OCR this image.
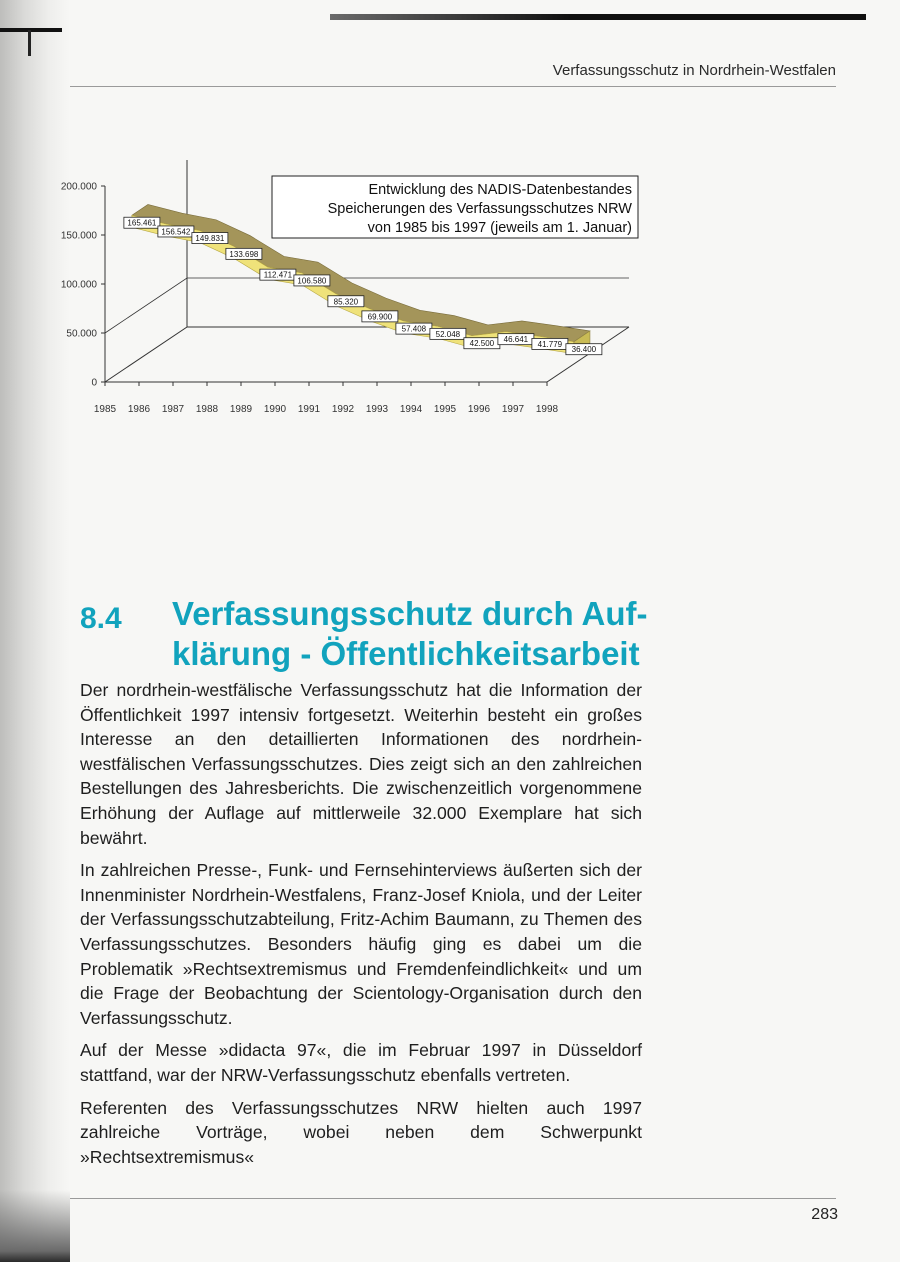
Verfassungsschutz in Nordrhein-Westfalen
165.461
156.542
149.831
133.698
112.471
106.580
85.320
69.900
57.408
52.048
42.500 46.641
41.779
36.400
0
50.000
100.000
150.000
200.000
1985 1986 1987 1988 1989 1990 1991 1992 1993 1994 1995 1996 1997 1998
Entwicklung des NADIS-Datenbestandes
Speicherungen des Verfassungsschutzes NRW
von 1985 bis 1997 (jeweils am 1. Januar)
8.4 Verfassungsschutz durch Auf-
klärung - Öffentlichkeitsarbeit

Der nordrhein-westfälische Verfassungsschutz hat die Information der Öffentlichkeit 1997 intensiv fortgesetzt. Weiterhin besteht ein großes Interesse an den detaillierten Informationen des nordrhein-westfälischen Verfassungsschutzes. Dies zeigt sich an den zahlreichen Bestellungen des Jahresberichts. Die zwischenzeitlich vorgenommene Erhöhung der Auflage auf mittlerweile 32.000 Exemplare hat sich bewährt.

In zahlreichen Presse-, Funk- und Fernsehinterviews äußerten sich der Innenminister Nordrhein-Westfalens, Franz-Josef Kniola, und der Leiter der Verfassungsschutzabteilung, Fritz-Achim Baumann, zu Themen des Verfassungsschutzes. Besonders häufig ging es dabei um die Problematik »Rechtsextremismus und Fremdenfeindlichkeit« und um die Frage der Beobachtung der Scientology-Organisation durch den Verfassungsschutz.

Auf der Messe »didacta 97«, die im Februar 1997 in Düsseldorf stattfand, war der NRW-Verfassungsschutz ebenfalls vertreten.

Referenten des Verfassungsschutzes NRW hielten auch 1997 zahlreiche Vorträge, wobei neben dem Schwerpunkt »Rechtsextremismus«

283
